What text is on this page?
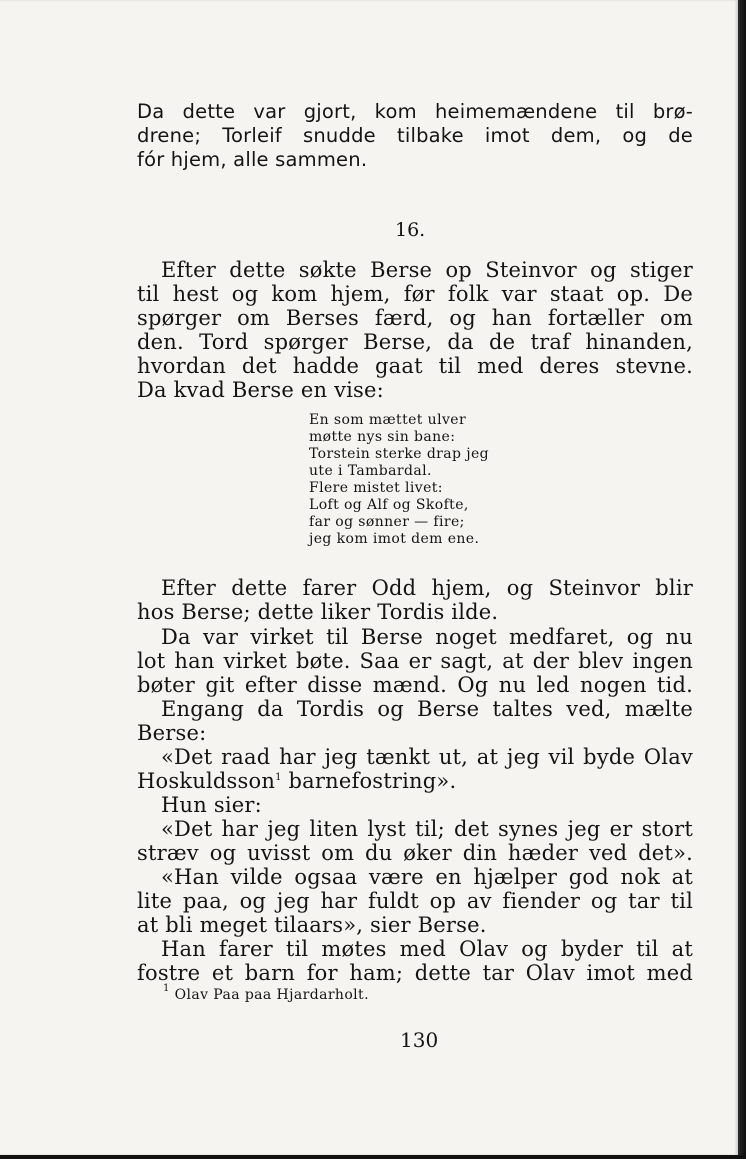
Da dette var gjort, kom heimemændene til brø-
drene; Torleif snudde tilbake imot dem, og de
fór hjem, alle sammen.
16.
Efter dette søkte Berse op Steinvor og stiger
til hest og kom hjem, før folk var staat op. De
spørger om Berses færd, og han fortæller om
den. Tord spørger Berse, da de traf hinanden,
hvordan det hadde gaat til med deres stevne.
Da kvad Berse en vise:
En som mættet ulver
møtte nys sin bane:
Torstein sterke drap jeg
ute i Tambardal.
Flere mistet livet:
Loft og Alf og Skofte,
far og sønner — fire;
jeg kom imot dem ene.
Efter dette farer Odd hjem, og Steinvor blir
hos Berse; dette liker Tordis ilde.
Da var virket til Berse noget medfaret, og nu
lot han virket bøte. Saa er sagt, at der blev ingen
bøter git efter disse mænd. Og nu led nogen tid.
Engang da Tordis og Berse taltes ved, mælte
Berse:
«Det raad har jeg tænkt ut, at jeg vil byde Olav
Hoskuldsson$^1$ barnefostring».
Hun sier:
«Det har jeg liten lyst til; det synes jeg er stort
stræv og uvisst om du øker din hæder ved det».
«Han vilde ogsaa være en hjælper god nok at
lite paa, og jeg har fuldt op av fiender og tar til
at bli meget tilaars», sier Berse.
Han farer til møtes med Olav og byder til at
fostre et barn for ham; dette tar Olav imot med
$^1$ Olav Paa paa Hjardarholt.
130
